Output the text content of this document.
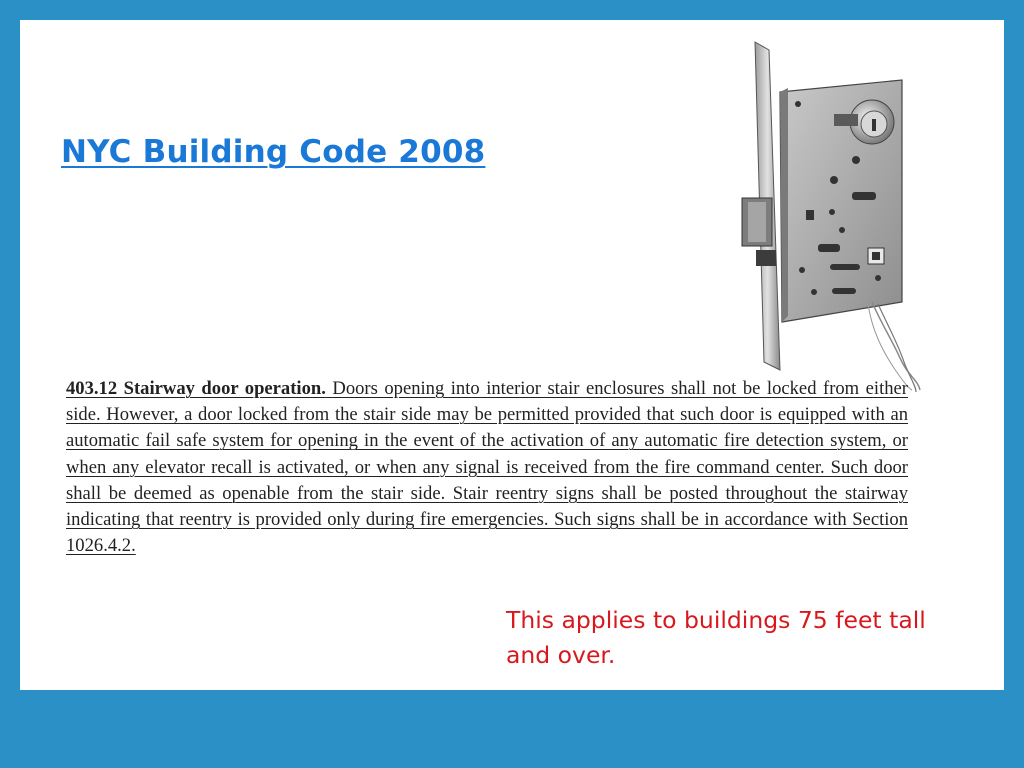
NYC Building Code 2008
403.12 Stairway door operation. Doors opening into interior stair enclosures shall not be locked from either side. However, a door locked from the stair side may be permitted provided that such door is equipped with an automatic fail safe system for opening in the event of the activation of any automatic fire detection system, or when any elevator recall is activated, or when any signal is received from the fire command center. Such door shall be deemed as openable from the stair side. Stair reentry signs shall be posted throughout the stairway indicating that reentry is provided only during fire emergencies. Such signs shall be in accordance with Section 1026.4.2.
This applies to buildings 75 feet tall and over.
